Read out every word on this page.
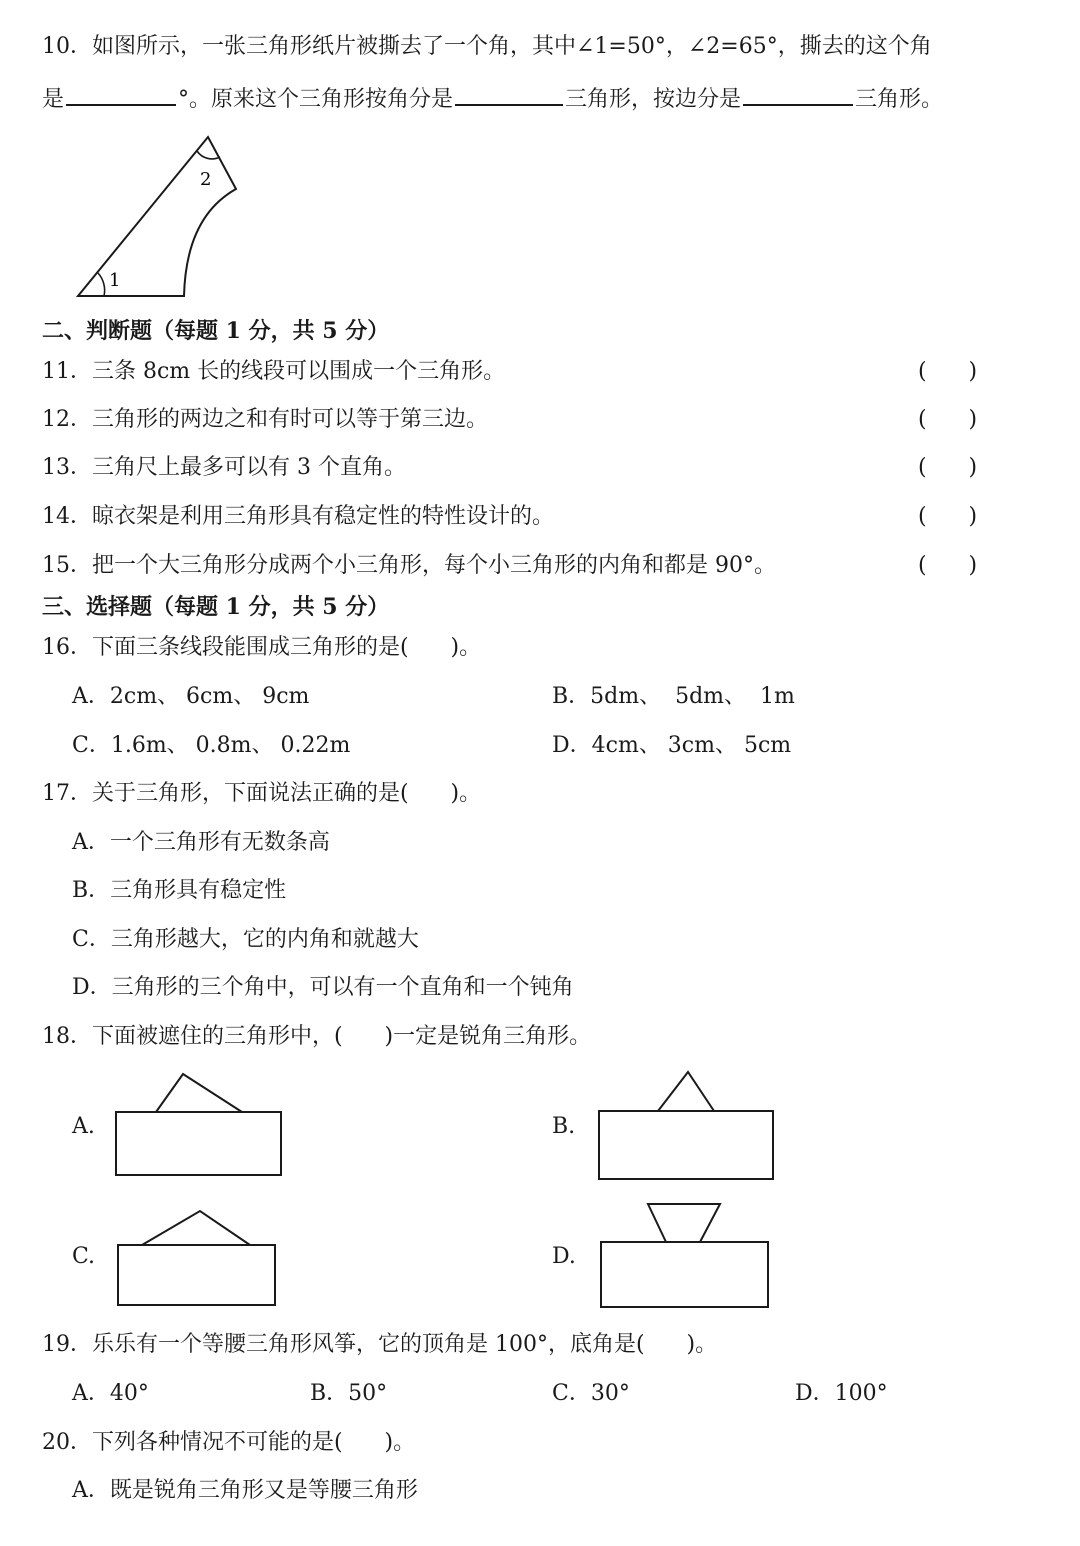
10．如图所示，一张三角形纸片被撕去了一个角，其中∠1=50°，∠2=65°，撕去的这个角
是	°。原来这个三角形按角分是	三角形，按边分是	三角形。
1
2
二、判断题（每题 1 分，共 5 分）
11．三条 8cm 长的线段可以围成一个三角形。	(      )
12．三角形的两边之和有时可以等于第三边。	(      )
13．三角尺上最多可以有 3 个直角。	(      )
14．晾衣架是利用三角形具有稳定性的特性设计的。	(      )
15．把一个大三角形分成两个小三角形，每个小三角形的内角和都是 90°。	(      )
三、选择题（每题 1 分，共 5 分）
16．下面三条线段能围成三角形的是(      )。
A．2cm、 6cm、 9cm	B．5dm、  5dm、  1m
C．1.6m、 0.8m、 0.22m	D．4cm、 3cm、 5cm
17．关于三角形，下面说法正确的是(      )。
A．一个三角形有无数条高
B．三角形具有稳定性
C．三角形越大，它的内角和就越大
D．三角形的三个角中，可以有一个直角和一个钝角
18．下面被遮住的三角形中，(      )一定是锐角三角形。
A.	B.
C.	D.
19．乐乐有一个等腰三角形风筝，它的顶角是 100°，底角是(      )。
A．40°	B．50°	C．30°	D．100°
20．下列各种情况不可能的是(      )。
A．既是锐角三角形又是等腰三角形
